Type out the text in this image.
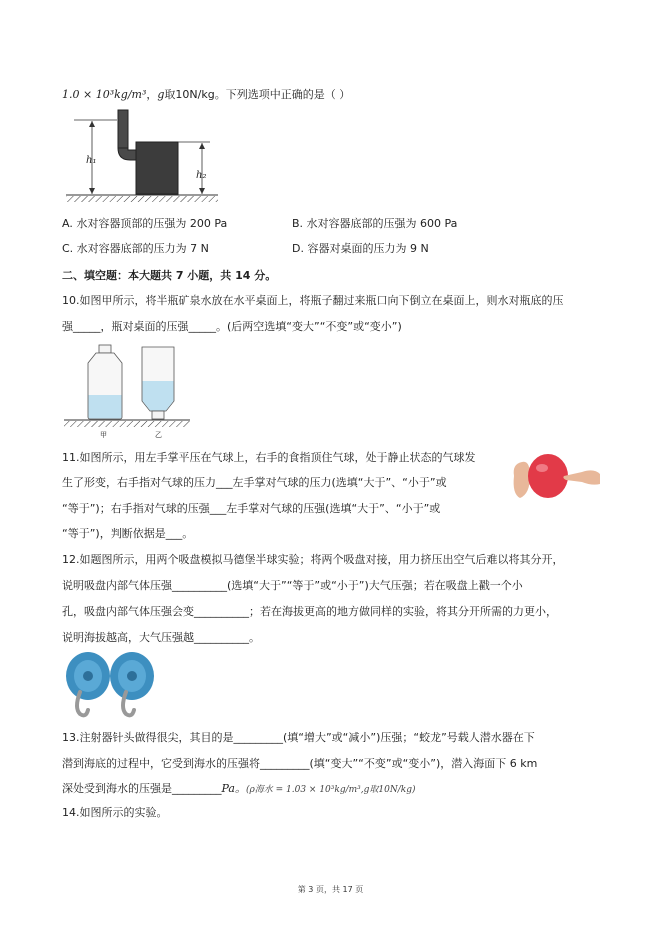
1.0 × 10³kg/m³，g取10N/kg。下列选项中正确的是（ ）
h₁
h₂
A. 水对容器顶部的压强为 200 Pa	B. 水对容器底部的压强为 600 Pa
C. 水对容器底部的压力为 7 N	D. 容器对桌面的压力为 9 N
二、填空题：本大题共 7 小题，共 14 分。
10.如图甲所示，将半瓶矿泉水放在水平桌面上，将瓶子翻过来瓶口向下倒立在桌面上，则水对瓶底的压
强_____，瓶对桌面的压强_____。(后两空选填“变大”“不变”或“变小”)
甲	乙
11.如图所示，用左手掌平压在气球上，右手的食指顶住气球，处于静止状态的气球发
生了形变，右手指对气球的压力___左手掌对气球的压力(选填“大于”、“小于”或
“等于”)；右手指对气球的压强___左手掌对气球的压强(选填“大于”、“小于”或
“等于”)，判断依据是___。
12.如题图所示，用两个吸盘模拟马德堡半球实验；将两个吸盘对接，用力挤压出空气后难以将其分开，
说明吸盘内部气体压强__________(选填“大于”“等于”或“小于”)大气压强；若在吸盘上戳一个小
孔，吸盘内部气体压强会变__________；若在海拔更高的地方做同样的实验，将其分开所需的力更小，
说明海拔越高，大气压强越__________。
13.注射器针头做得很尖，其目的是_________(填“增大”或“减小”)压强；“蛟龙”号载人潜水器在下
潜到海底的过程中，它受到海水的压强将_________(填“变大”“不变”或“变小”)，潜入海面下 6 km
深处受到海水的压强是_________Pa。(ρ海水 = 1.03 × 10³kg/m³,g取10N/kg)
14.如图所示的实验。
第 3 页，共 17 页
